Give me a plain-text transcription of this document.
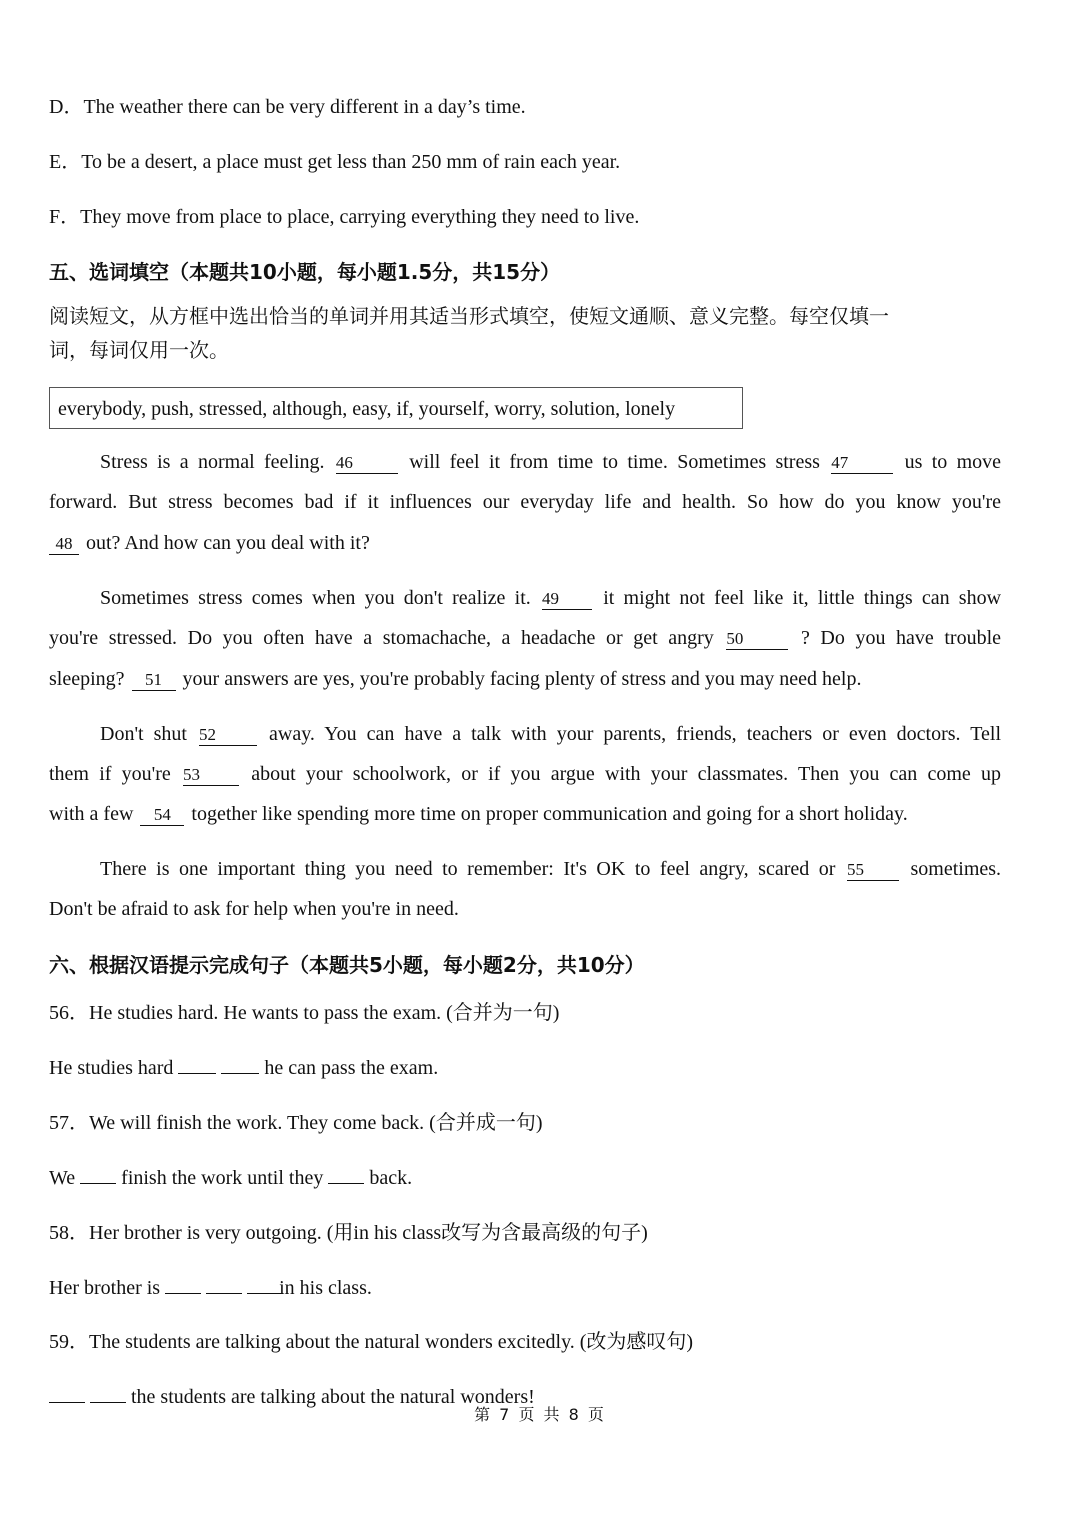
D．The weather there can be very different in a day’s time.
E．To be a desert, a place must get less than 250 mm of rain each year.
F．They move from place to place, carrying everything they need to live.
五、选词填空（本题共10小题，每小题1.5分，共15分）
阅读短文，从方框中选出恰当的单词并用其适当形式填空，使短文通顺、意义完整。每空仅填一
词，每词仅用一次。
everybody, push, stressed, although, easy, if, yourself, worry, solution, lonely
Stress is a normal feeling. 46	will feel it from time to time. Sometimes stress 47	us to move
forward. But stress becomes bad if it influences our everyday life and health. So how do you know you're
48 out? And how can you deal with it?
Sometimes stress comes when you don't realize it. 49 it might not feel like it, little things can show
you're stressed. Do you often have a stomachache, a headache or get angry 50	? Do you have trouble
sleeping? 51 your answers are yes, you're probably facing plenty of stress and you may need help.
Don't shut 52	away. You can have a talk with your parents, friends, teachers or even doctors. Tell
them if you're 53	about your schoolwork, or if you argue with your classmates. Then you can come up
with a few 54 together like spending more time on proper communication and going for a short holiday.
There is one important thing you need to remember: It's OK to feel angry, scared or 55 sometimes.
Don't be afraid to ask for help when you're in need.
六、根据汉语提示完成句子（本题共5小题，每小题2分，共10分）
56．He studies hard. He wants to pass the exam. (合并为一句)
He studies hard	he can pass the exam.
57．We will finish the work. They come back. (合并成一句)
We finish the work until they back.
58．Her brother is very outgoing. (用in his class改写为含最高级的句子)
Her brother is	in his class.
59．The students are talking about the natural wonders excitedly. (改为感叹句)
the students are talking about the natural wonders!
第 7 页 共 8 页
